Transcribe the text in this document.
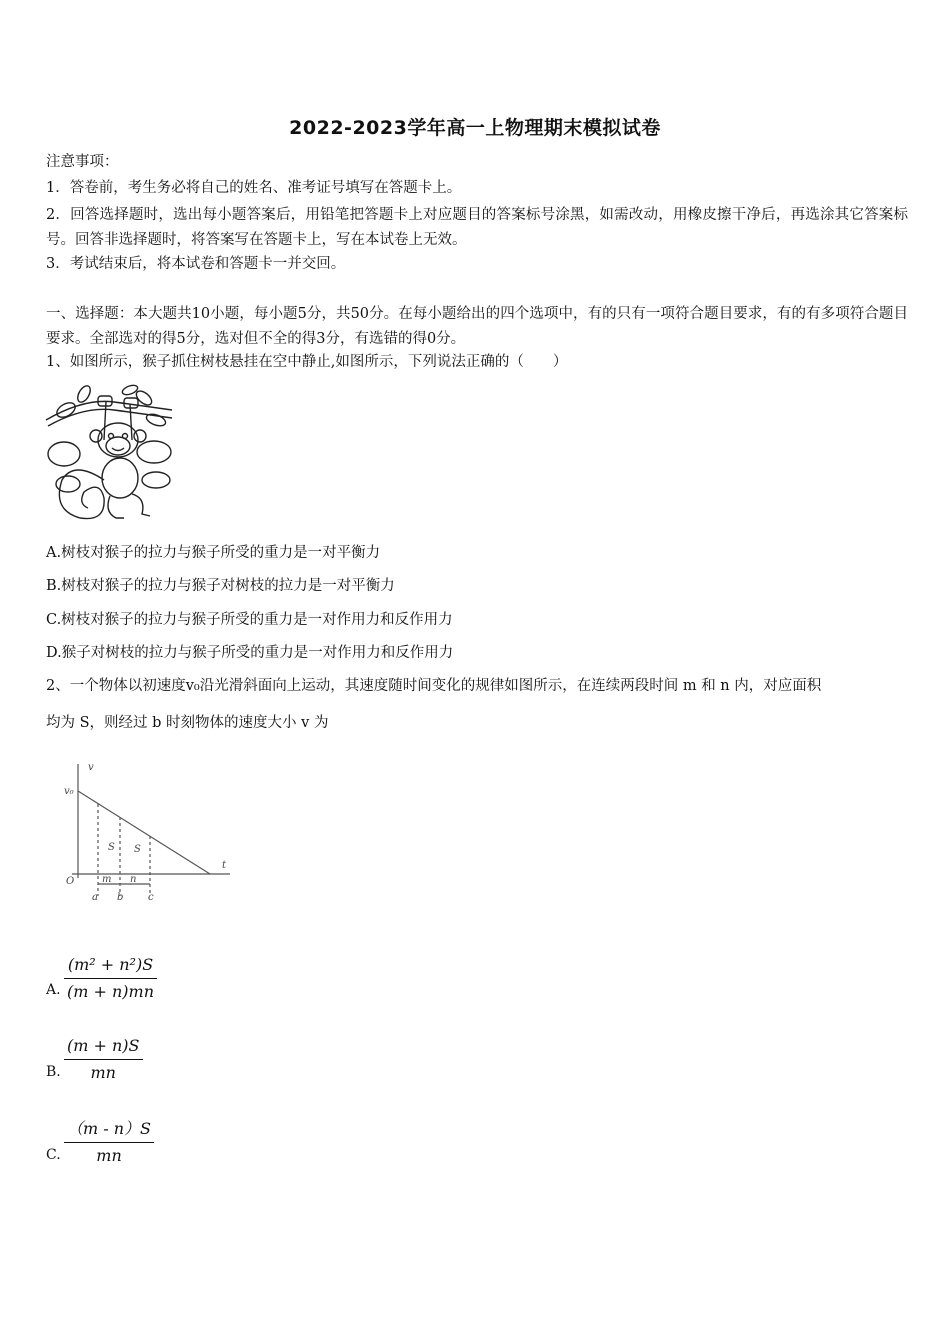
2022-2023学年高一上物理期末模拟试卷
注意事项：
1．答卷前，考生务必将自己的姓名、准考证号填写在答题卡上。
2．回答选择题时，选出每小题答案后，用铅笔把答题卡上对应题目的答案标号涂黑，如需改动，用橡皮擦干净后，再选涂其它答案标号。回答非选择题时，将答案写在答题卡上，写在本试卷上无效。
3．考试结束后，将本试卷和答题卡一并交回。
一、选择题：本大题共10小题，每小题5分，共50分。在每小题给出的四个选项中，有的只有一项符合题目要求，有的有多项符合题目要求。全部选对的得5分，选对但不全的得3分，有选错的得0分。
1、如图所示，猴子抓住树枝悬挂在空中静止,如图所示，下列说法正确的（　　）
A.树枝对猴子的拉力与猴子所受的重力是一对平衡力
B.树枝对猴子的拉力与猴子对树枝的拉力是一对平衡力
C.树枝对猴子的拉力与猴子所受的重力是一对作用力和反作用力
D.猴子对树枝的拉力与猴子所受的重力是一对作用力和反作用力
2、一个物体以初速度v₀沿光滑斜面向上运动，其速度随时间变化的规律如图所示，在连续两段时间 m 和 n 内，对应面积
均为 S，则经过 b 时刻物体的速度大小 v 为
v
v₀
t
O	m n
S S
a b c
A.
(m² + n²)S
(m + n)mn
B.
(m + n)S
mn
C.
（m - n）S
mn
